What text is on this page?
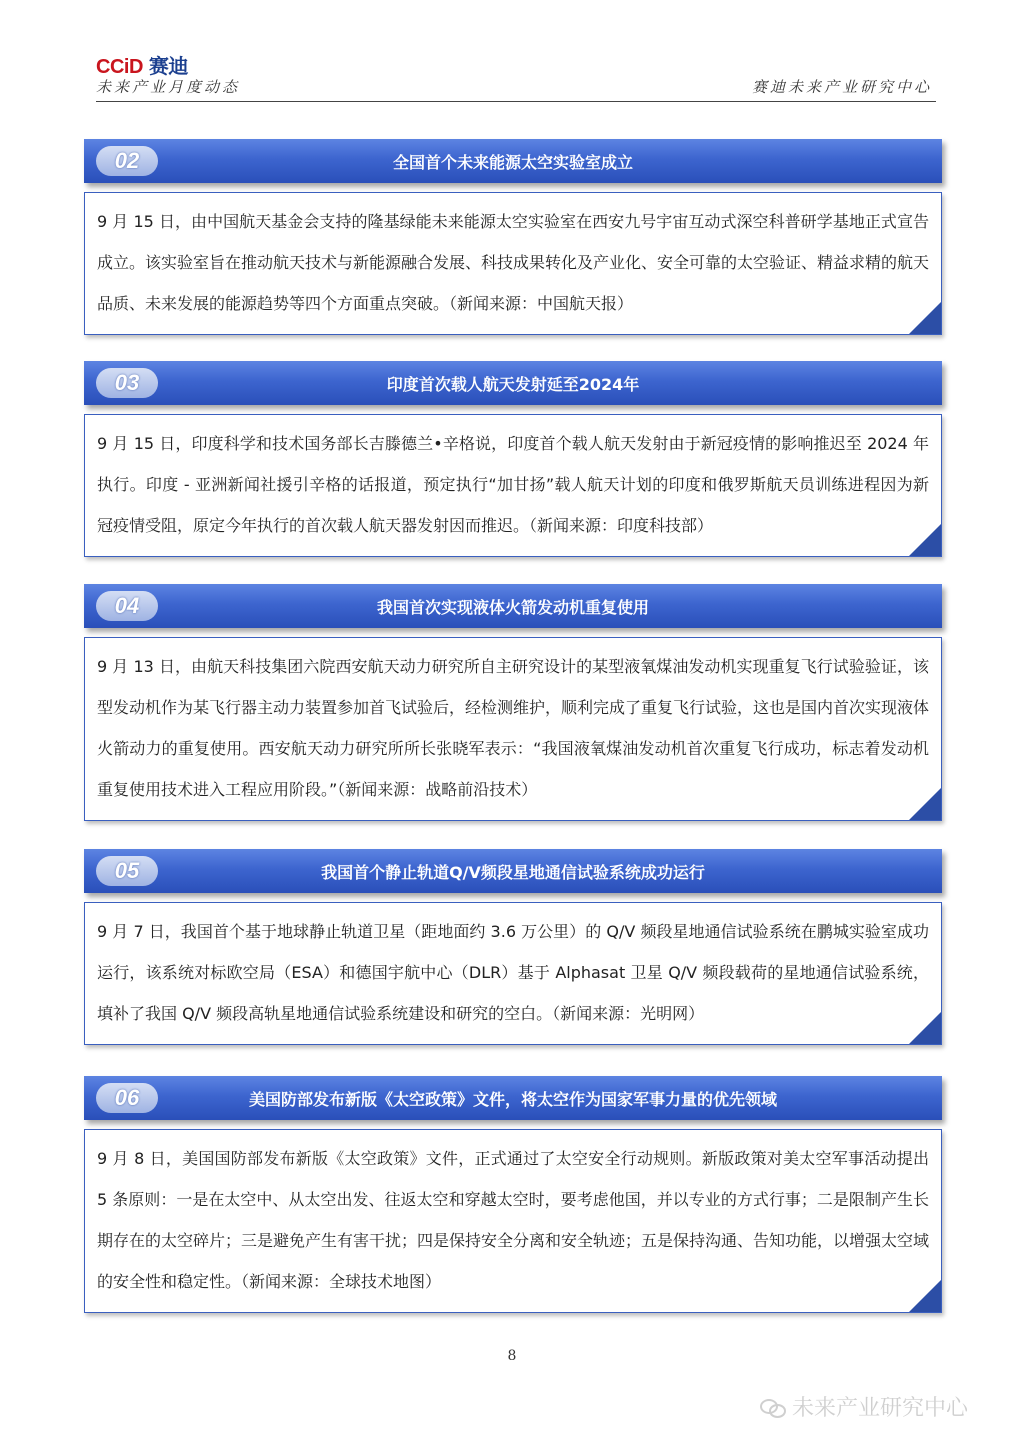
CCiD 赛迪
未来产业月度动态	赛迪未来产业研究中心
02	全国首个未来能源太空实验室成立
9 月 15 日，由中国航天基金会支持的隆基绿能未来能源太空实验室在西安九号宇宙互动式深空科普研学基地正式宣告成立。该实验室旨在推动航天技术与新能源融合发展、科技成果转化及产业化、安全可靠的太空验证、精益求精的航天品质、未来发展的能源趋势等四个方面重点突破。（新闻来源：中国航天报）
03	印度首次载人航天发射延至2024年
9 月 15 日，印度科学和技术国务部长吉滕德兰•辛格说，印度首个载人航天发射由于新冠疫情的影响推迟至 2024 年执行。印度 - 亚洲新闻社援引辛格的话报道，预定执行“加甘扬”载人航天计划的印度和俄罗斯航天员训练进程因为新冠疫情受阻，原定今年执行的首次载人航天器发射因而推迟。（新闻来源：印度科技部）
04	我国首次实现液体火箭发动机重复使用
9 月 13 日，由航天科技集团六院西安航天动力研究所自主研究设计的某型液氧煤油发动机实现重复飞行试验验证，该型发动机作为某飞行器主动力装置参加首飞试验后，经检测维护，顺利完成了重复飞行试验，这也是国内首次实现液体火箭动力的重复使用。西安航天动力研究所所长张晓军表示：“我国液氧煤油发动机首次重复飞行成功，标志着发动机重复使用技术进入工程应用阶段。”（新闻来源：战略前沿技术）
05	我国首个静止轨道Q/V频段星地通信试验系统成功运行
9 月 7 日，我国首个基于地球静止轨道卫星（距地面约 3.6 万公里）的 Q/V 频段星地通信试验系统在鹏城实验室成功运行，该系统对标欧空局（ESA）和德国宇航中心（DLR）基于 Alphasat 卫星 Q/V 频段载荷的星地通信试验系统，填补了我国 Q/V 频段高轨星地通信试验系统建设和研究的空白。（新闻来源：光明网）
06	美国防部发布新版《太空政策》文件，将太空作为国家军事力量的优先领域
9 月 8 日，美国国防部发布新版《太空政策》文件，正式通过了太空安全行动规则。新版政策对美太空军事活动提出 5 条原则：一是在太空中、从太空出发、往返太空和穿越太空时，要考虑他国，并以专业的方式行事；二是限制产生长期存在的太空碎片；三是避免产生有害干扰；四是保持安全分离和安全轨迹；五是保持沟通、告知功能，以增强太空域的安全性和稳定性。（新闻来源：全球技术地图）
8
未来产业研究中心
